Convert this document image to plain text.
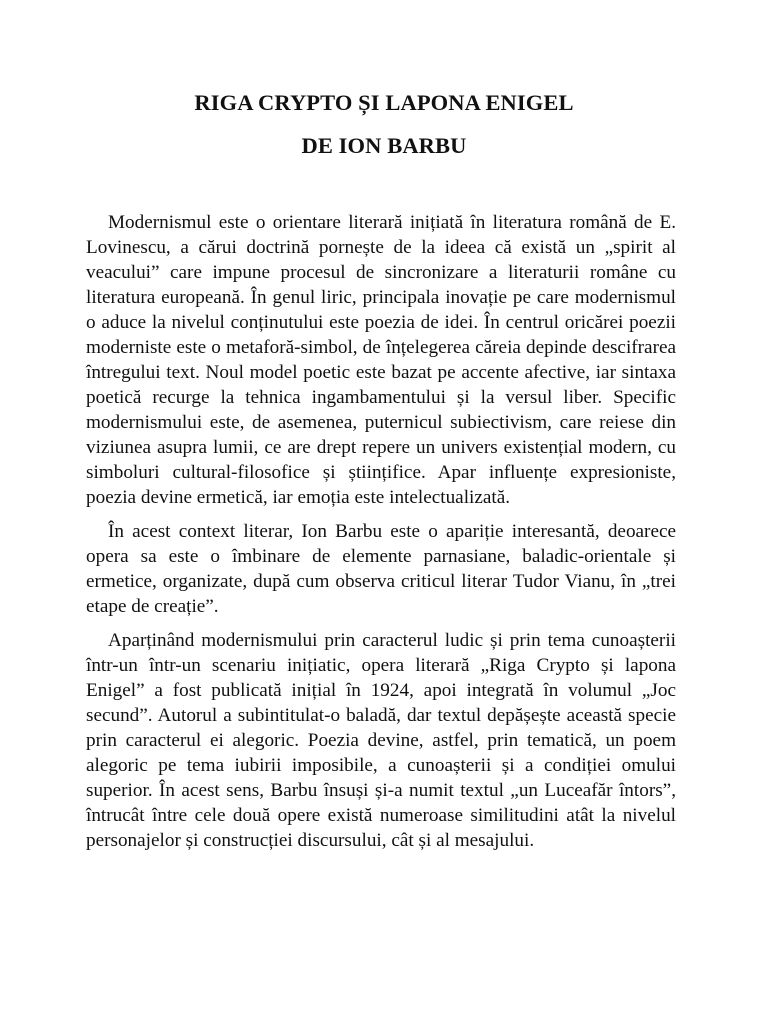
RIGA CRYPTO ȘI LAPONA ENIGEL

DE ION BARBU

Modernismul este o orientare literară inițiată în literatura română de E. Lovinescu, a cărui doctrină pornește de la ideea că există un „spirit al veacului” care impune procesul de sincronizare a literaturii române cu literatura europeană. În genul liric, principala inovație pe care modernismul o aduce la nivelul conținutului este poezia de idei. În centrul oricărei poezii moderniste este o metaforă-simbol, de înțelegerea căreia depinde descifrarea întregului text. Noul model poetic este bazat pe accente afective, iar sintaxa poetică recurge la tehnica ingambamentului și la versul liber. Specific modernismului este, de asemenea, puternicul subiectivism, care reiese din viziunea asupra lumii, ce are drept repere un univers existențial modern, cu simboluri cultural-filosofice și științifice. Apar influențe expresioniste, poezia devine ermetică, iar emoția este intelectualizată.

În acest context literar, Ion Barbu este o apariție interesantă, deoarece opera sa este o îmbinare de elemente parnasiane, baladic-orientale și ermetice, organizate, după cum observa criticul literar Tudor Vianu, în „trei etape de creație”.

Aparținând modernismului prin caracterul ludic și prin tema cunoașterii într-un într-un scenariu inițiatic, opera literară „Riga Crypto și lapona Enigel” a fost publicată inițial în 1924, apoi integrată în volumul „Joc secund”. Autorul a subintitulat-o baladă, dar textul depășește această specie prin caracterul ei alegoric. Poezia devine, astfel, prin tematică, un poem alegoric pe tema iubirii imposibile, a cunoașterii și a condiției omului superior. În acest sens, Barbu însuși și-a numit textul „un Luceafăr întors”, întrucât între cele două opere există numeroase similitudini atât la nivelul personajelor și construcției discursului, cât și al mesajului.
